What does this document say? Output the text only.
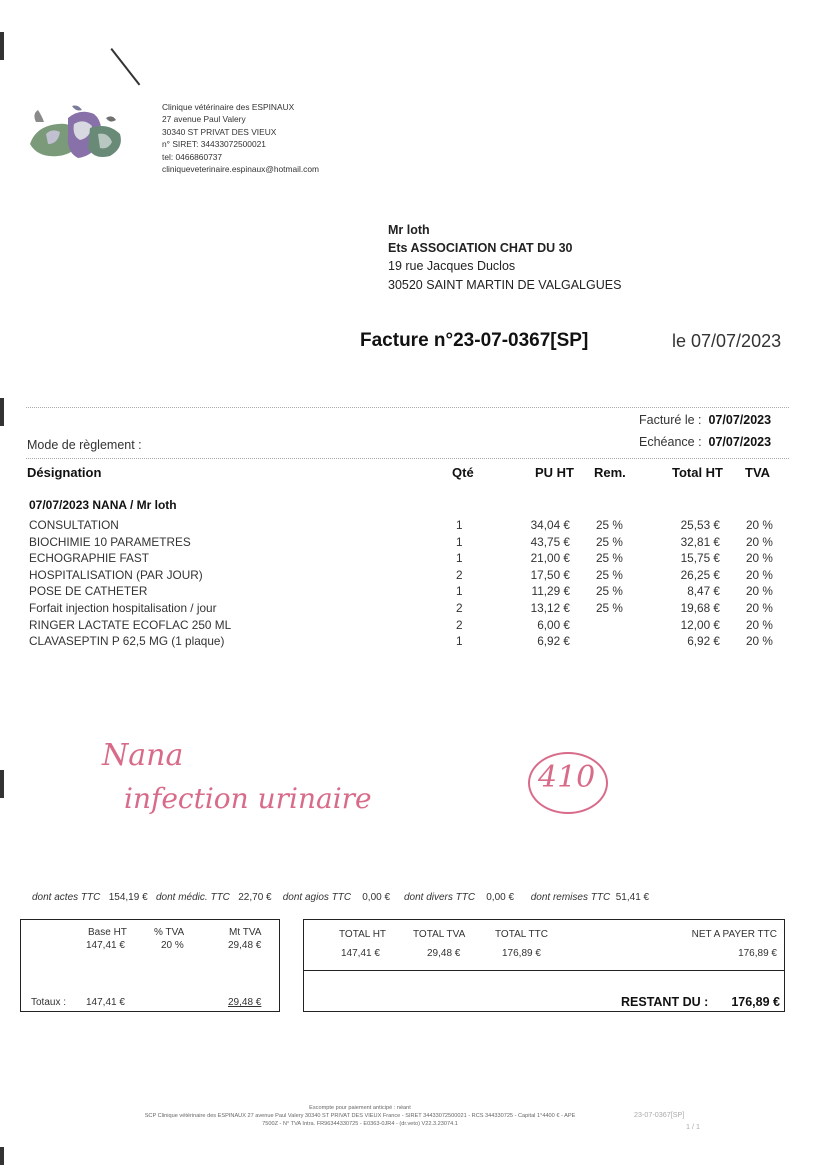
Clinique vétérinaire des ESPINAUX
27 avenue Paul Valery
30340 ST PRIVAT DES VIEUX
n° SIRET: 34433072500021
tel: 0466860737
cliniqueveterinaire.espinaux@hotmail.com
Mr loth
Ets ASSOCIATION CHAT DU 30
19 rue Jacques Duclos
30520 SAINT MARTIN DE VALGALGUES
Facture n°23-07-0367[SP]	le 07/07/2023
Mode de règlement :
Facturé le : 07/07/2023
Echéance : 07/07/2023
Désignation	Qté	PU HT Rem.	Total HT TVA
07/07/2023 NANA / Mr loth
CONSULTATION	1	34,04 € 25 %	25,53 € 20 %
BIOCHIMIE 10 PARAMETRES	1	43,75 € 25 %	32,81 € 20 %
ECHOGRAPHIE FAST	1	21,00 € 25 %	15,75 € 20 %
HOSPITALISATION (PAR JOUR)	2	17,50 € 25 %	26,25 € 20 %
POSE DE CATHETER	1	11,29 € 25 %	8,47 € 20 %
Forfait injection hospitalisation / jour	2	13,12 € 25 %	19,68 € 20 %
RINGER LACTATE ECOFLAC 250 ML	2	6,00 €	12,00 € 20 %
CLAVASEPTIN P 62,5 MG (1 plaque)	1	6,92 €	6,92 € 20 %
Nana
infection urinaire
410
dont actes TTC 154,19 € dont médic. TTC 22,70 € dont agios TTC 0,00 € dont divers TTC 0,00 € dont remises TTC 51,41 €
Base HT	% TVA	Mt TVA
147,41 €	20 %	29,48 €
Totaux : 147,41 €	29,48 €
TOTAL HT	TOTAL TVA	TOTAL TTC	NET A PAYER TTC
147,41 €	29,48 €	176,89 €	176,89 €
RESTANT DU :	176,89 €
Escompte pour paiement anticipé : néant
SCP Clinique vétérinaire des ESPINAUX 27 avenue Paul Valery 30340 ST PRIVAT DES VIEUX France - SIRET 34433072500021 - RCS 344330725 - Capital 1°4400 € - APE
7500Z - N° TVA Intra. FR96344330725 - E0363-0JR4 - (dr.veto) V22.3.23074.1
23-07-0367[SP]
1 / 1
